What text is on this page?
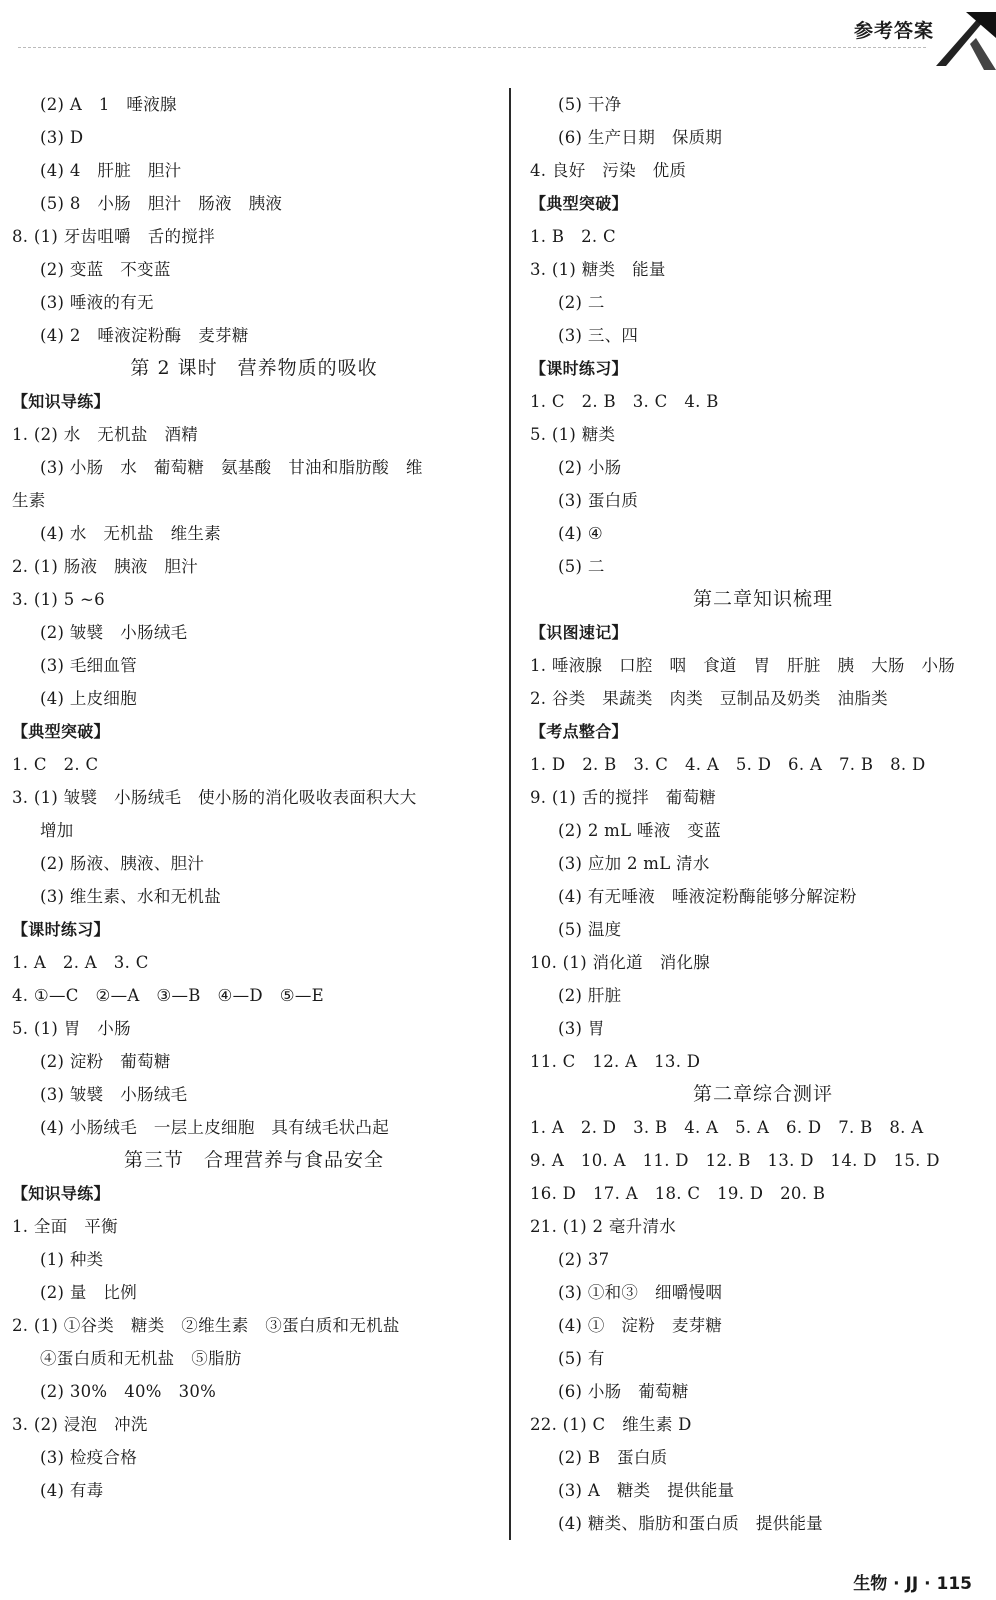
参考答案
(2) A　1　唾液腺
(3) D
(4) 4　肝脏　胆汁
(5) 8　小肠　胆汁　肠液　胰液
8. (1) 牙齿咀嚼　舌的搅拌
(2) 变蓝　不变蓝
(3) 唾液的有无
(4) 2　唾液淀粉酶　麦芽糖
第 2 课时　营养物质的吸收
【知识导练】
1. (2) 水　无机盐　酒精
(3) 小肠　水　葡萄糖　氨基酸　甘油和脂肪酸　维
生素
(4) 水　无机盐　维生素
2. (1) 肠液　胰液　胆汁
3. (1) 5 ~6
(2) 皱襞　小肠绒毛
(3) 毛细血管
(4) 上皮细胞
【典型突破】
1. C　2. C
3. (1) 皱襞　小肠绒毛　使小肠的消化吸收表面积大大
增加
(2) 肠液、胰液、胆汁
(3) 维生素、水和无机盐
【课时练习】
1. A　2. A　3. C
4. ①—C　②—A　③—B　④—D　⑤—E
5. (1) 胃　小肠
(2) 淀粉　葡萄糖
(3) 皱襞　小肠绒毛
(4) 小肠绒毛　一层上皮细胞　具有绒毛状凸起
第三节　合理营养与食品安全
【知识导练】
1. 全面　平衡
(1) 种类
(2) 量　比例
2. (1) ①谷类　糖类　②维生素　③蛋白质和无机盐
④蛋白质和无机盐　⑤脂肪
(2) 30%　40%　30%
3. (2) 浸泡　冲洗
(3) 检疫合格
(4) 有毒
(5) 干净
(6) 生产日期　保质期
4. 良好　污染　优质
【典型突破】
1. B　2. C
3. (1) 糖类　能量
(2) 二
(3) 三、四
【课时练习】
1. C　2. B　3. C　4. B
5. (1) 糖类
(2) 小肠
(3) 蛋白质
(4) ④
(5) 二
第二章知识梳理
【识图速记】
1. 唾液腺　口腔　咽　食道　胃　肝脏　胰　大肠　小肠
2. 谷类　果蔬类　肉类　豆制品及奶类　油脂类
【考点整合】
1. D　2. B　3. C　4. A　5. D　6. A　7. B　8. D
9. (1) 舌的搅拌　葡萄糖
(2) 2 mL 唾液　变蓝
(3) 应加 2 mL 清水
(4) 有无唾液　唾液淀粉酶能够分解淀粉
(5) 温度
10. (1) 消化道　消化腺
(2) 肝脏
(3) 胃
11. C　12. A　13. D
第二章综合测评
1. A　2. D　3. B　4. A　5. A　6. D　7. B　8. A
9. A　10. A　11. D　12. B　13. D　14. D　15. D
16. D　17. A　18. C　19. D　20. B
21. (1) 2 毫升清水
(2) 37
(3) ①和③　细嚼慢咽
(4) ①　淀粉　麦芽糖
(5) 有
(6) 小肠　葡萄糖
22. (1) C　维生素 D
(2) B　蛋白质
(3) A　糖类　提供能量
(4) 糖类、脂肪和蛋白质　提供能量
生物 · JJ · 115
